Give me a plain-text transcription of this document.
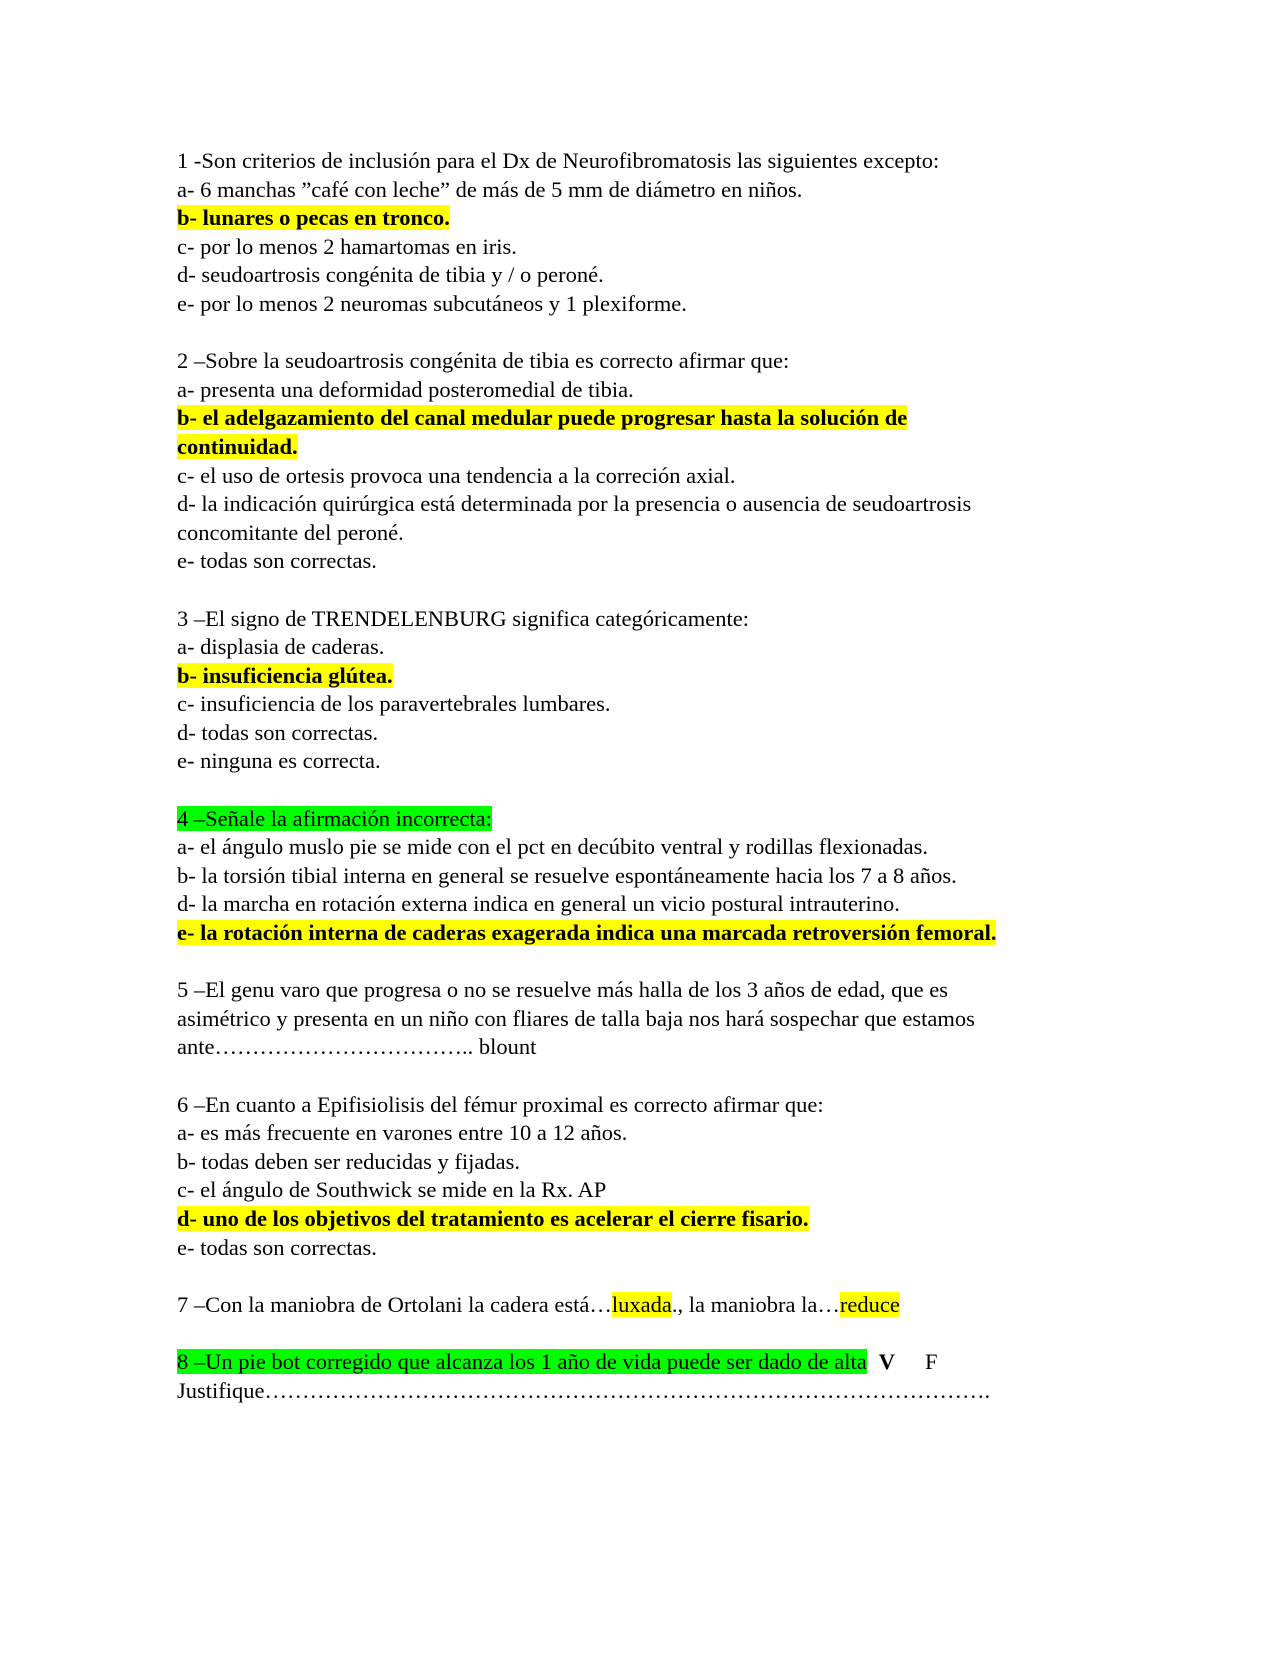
1 -Son criterios de inclusión para el Dx de Neurofibromatosis las siguientes excepto:
a- 6 manchas ”café con leche” de más de 5 mm de diámetro en niños.
b- lunares o pecas en tronco.
c- por lo menos 2 hamartomas en iris.
d- seudoartrosis congénita de tibia y / o peroné.
e- por lo menos 2 neuromas subcutáneos y 1 plexiforme.
2 –Sobre la seudoartrosis congénita de tibia es correcto afirmar que:
a- presenta una deformidad posteromedial de tibia.
b- el adelgazamiento del canal medular puede progresar hasta la solución de
continuidad.
c- el uso de ortesis provoca una tendencia a la correción axial.
d- la indicación quirúrgica está determinada por la presencia o ausencia de seudoartrosis
concomitante del peroné.
e- todas son correctas.
3 –El signo de TRENDELENBURG significa categóricamente:
a- displasia de caderas.
b- insuficiencia glútea.
c- insuficiencia de los paravertebrales lumbares.
d- todas son correctas.
e- ninguna es correcta.
4 –Señale la afirmación incorrecta:
a- el ángulo muslo pie se mide con el pct en decúbito ventral y rodillas flexionadas.
b- la torsión tibial interna en general se resuelve espontáneamente hacia los 7 a 8 años.
d- la marcha en rotación externa indica en general un vicio postural intrauterino.
e- la rotación interna de caderas exagerada indica una marcada retroversión femoral.
5 –El genu varo que progresa o no se resuelve más halla de los 3 años de edad, que es
asimétrico y presenta en un niño con fliares de talla baja nos hará sospechar que estamos
ante…………………………….. blount
6 –En cuanto a Epifisiolisis del fémur proximal es correcto afirmar que:
a- es más frecuente en varones entre 10 a 12 años.
b- todas deben ser reducidas y fijadas.
c- el ángulo de Southwick se mide en la Rx. AP
d- uno de los objetivos del tratamiento es acelerar el cierre fisario.
e- todas son correctas.
7 –Con la maniobra de Ortolani la cadera está…luxada., la maniobra la…reduce
8 –Un pie bot corregido que alcanza los 1 año de vida puede ser dado de alta V F
Justifique…………………………………………………………………………………….
